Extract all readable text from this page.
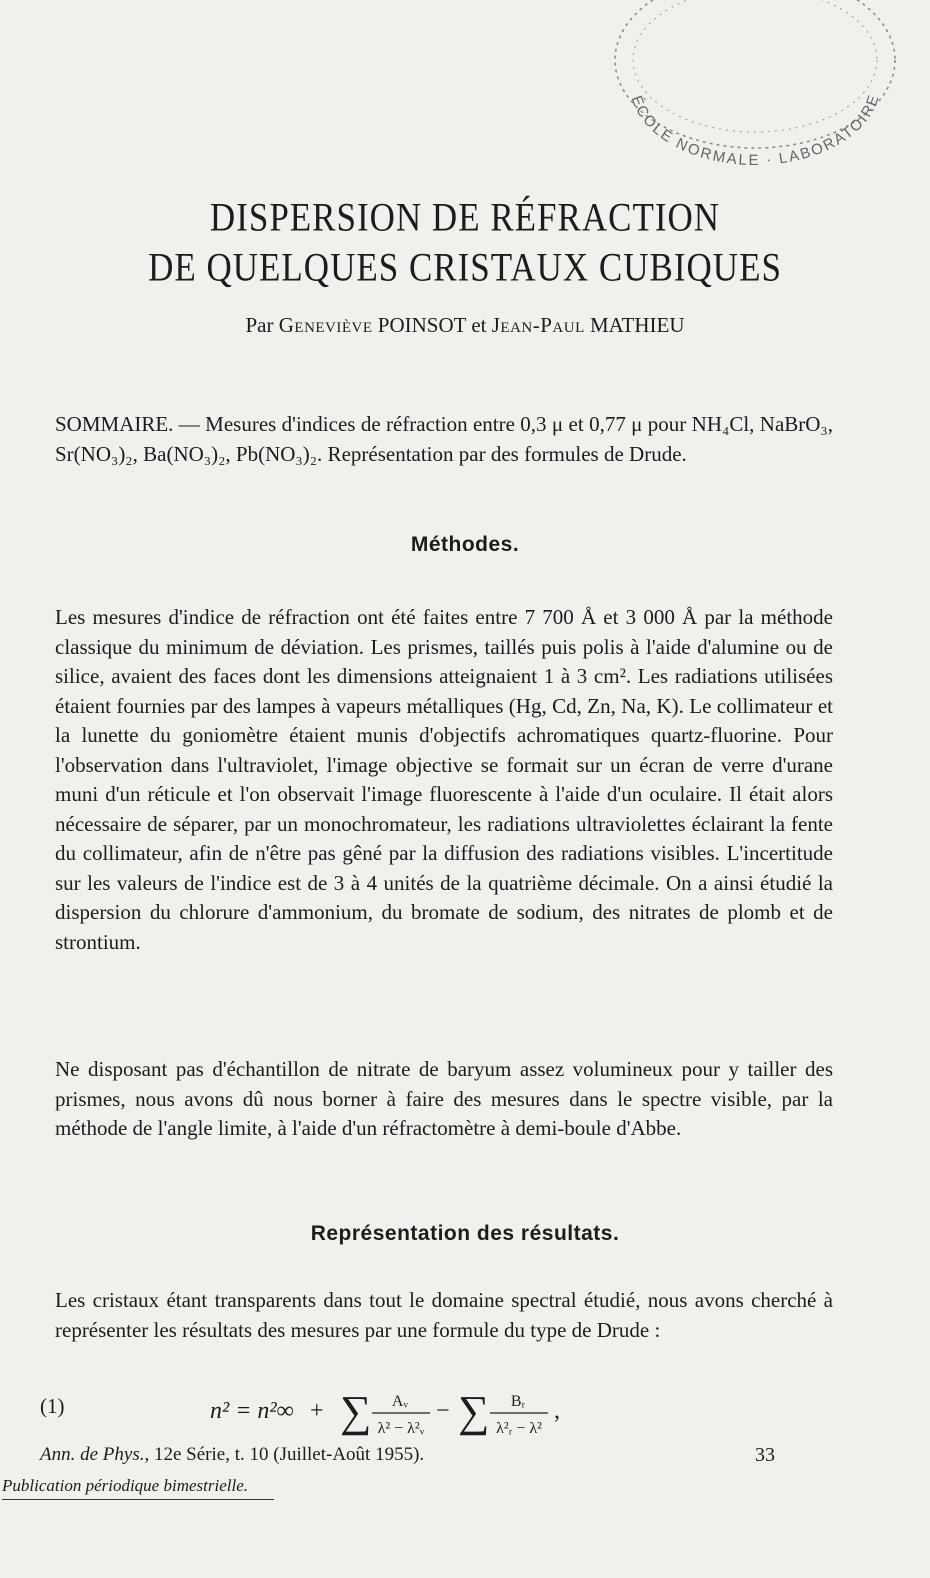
ÉCOLE NORMALE · LABORATOIRE
DISPERSION DE RÉFRACTION
DE QUELQUES CRISTAUX CUBIQUES
Par Geneviève POINSOT et Jean-Paul MATHIEU

SOMMAIRE. — Mesures d'indices de réfraction entre 0,3 μ et 0,77 μ pour NH₄Cl, NaBrO₃, Sr(NO₃)₂, Ba(NO₃)₂, Pb(NO₃)₂. Représentation par des formules de Drude.

Méthodes.

Les mesures d'indice de réfraction ont été faites entre 7 700 Å et 3 000 Å par la méthode classique du minimum de déviation. Les prismes, taillés puis polis à l'aide d'alumine ou de silice, avaient des faces dont les dimensions atteignaient 1 à 3 cm². Les radiations utilisées étaient fournies par des lampes à vapeurs métalliques (Hg, Cd, Zn, Na, K). Le collimateur et la lunette du goniomètre étaient munis d'objectifs achromatiques quartz-fluorine. Pour l'observation dans l'ultraviolet, l'image objective se formait sur un écran de verre d'urane muni d'un réticule et l'on observait l'image fluorescente à l'aide d'un oculaire. Il était alors nécessaire de séparer, par un monochromateur, les radiations ultraviolettes éclairant la fente du collimateur, afin de n'être pas gêné par la diffusion des radiations visibles. L'incertitude sur les valeurs de l'indice est de 3 à 4 unités de la quatrième décimale. On a ainsi étudié la dispersion du chlorure d'ammonium, du bromate de sodium, des nitrates de plomb et de strontium.

Ne disposant pas d'échantillon de nitrate de baryum assez volumineux pour y tailler des prismes, nous avons dû nous borner à faire des mesures dans le spectre visible, par la méthode de l'angle limite, à l'aide d'un réfractomètre à demi-boule d'Abbe.

Représentation des résultats.

Les cristaux étant transparents dans tout le domaine spectral étudié, nous avons cherché à représenter les résultats des mesures par une formule du type de Drude :

(1)	n² = n²∞ + ∑ Aᵥ
λ² − λ²ᵥ
− ∑ Bᵣ
λ²ᵣ − λ²
,
Ann. de Phys., 12e Série, t. 10 (Juillet-Août 1955).	33
Publication périodique bimestrielle.
